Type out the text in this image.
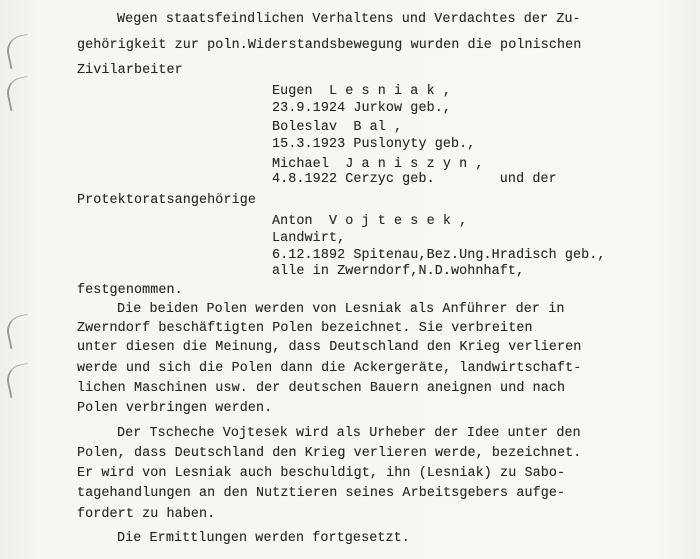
Wegen staatsfeindlichen Verhaltens und Verdachtes der Zu-
gehörigkeit zur poln.Widerstandsbewegung wurden die polnischen
Zivilarbeiter
Eugen  L e s n i a k ,
23.9.1924 Jurkow geb.,
Boleslav  B al ,
15.3.1923 Puslonyty geb.,
Michael  J a n i s z y n ,
4.8.1922 Cerzyc geb.        und der
Protektoratsangehörige
Anton  V o j t e s e k ,
Landwirt,
6.12.1892 Spitenau,Bez.Ung.Hradisch geb.,
alle in Zwerndorf,N.D.wohnhaft,
festgenommen.
Die beiden Polen werden von Lesniak als Anführer der in
Zwerndorf beschäftigten Polen bezeichnet. Sie verbreiten
unter diesen die Meinung, dass Deutschland den Krieg verlieren
werde und sich die Polen dann die Ackergeräte, landwirtschaft-
lichen Maschinen usw. der deutschen Bauern aneignen und nach
Polen verbringen werden.
Der Tscheche Vojtesek wird als Urheber der Idee unter den
Polen, dass Deutschland den Krieg verlieren werde, bezeichnet.
Er wird von Lesniak auch beschuldigt, ihn (Lesniak) zu Sabo-
tagehandlungen an den Nutztieren seines Arbeitsgebers aufge-
fordert zu haben.
Die Ermittlungen werden fortgesetzt.
